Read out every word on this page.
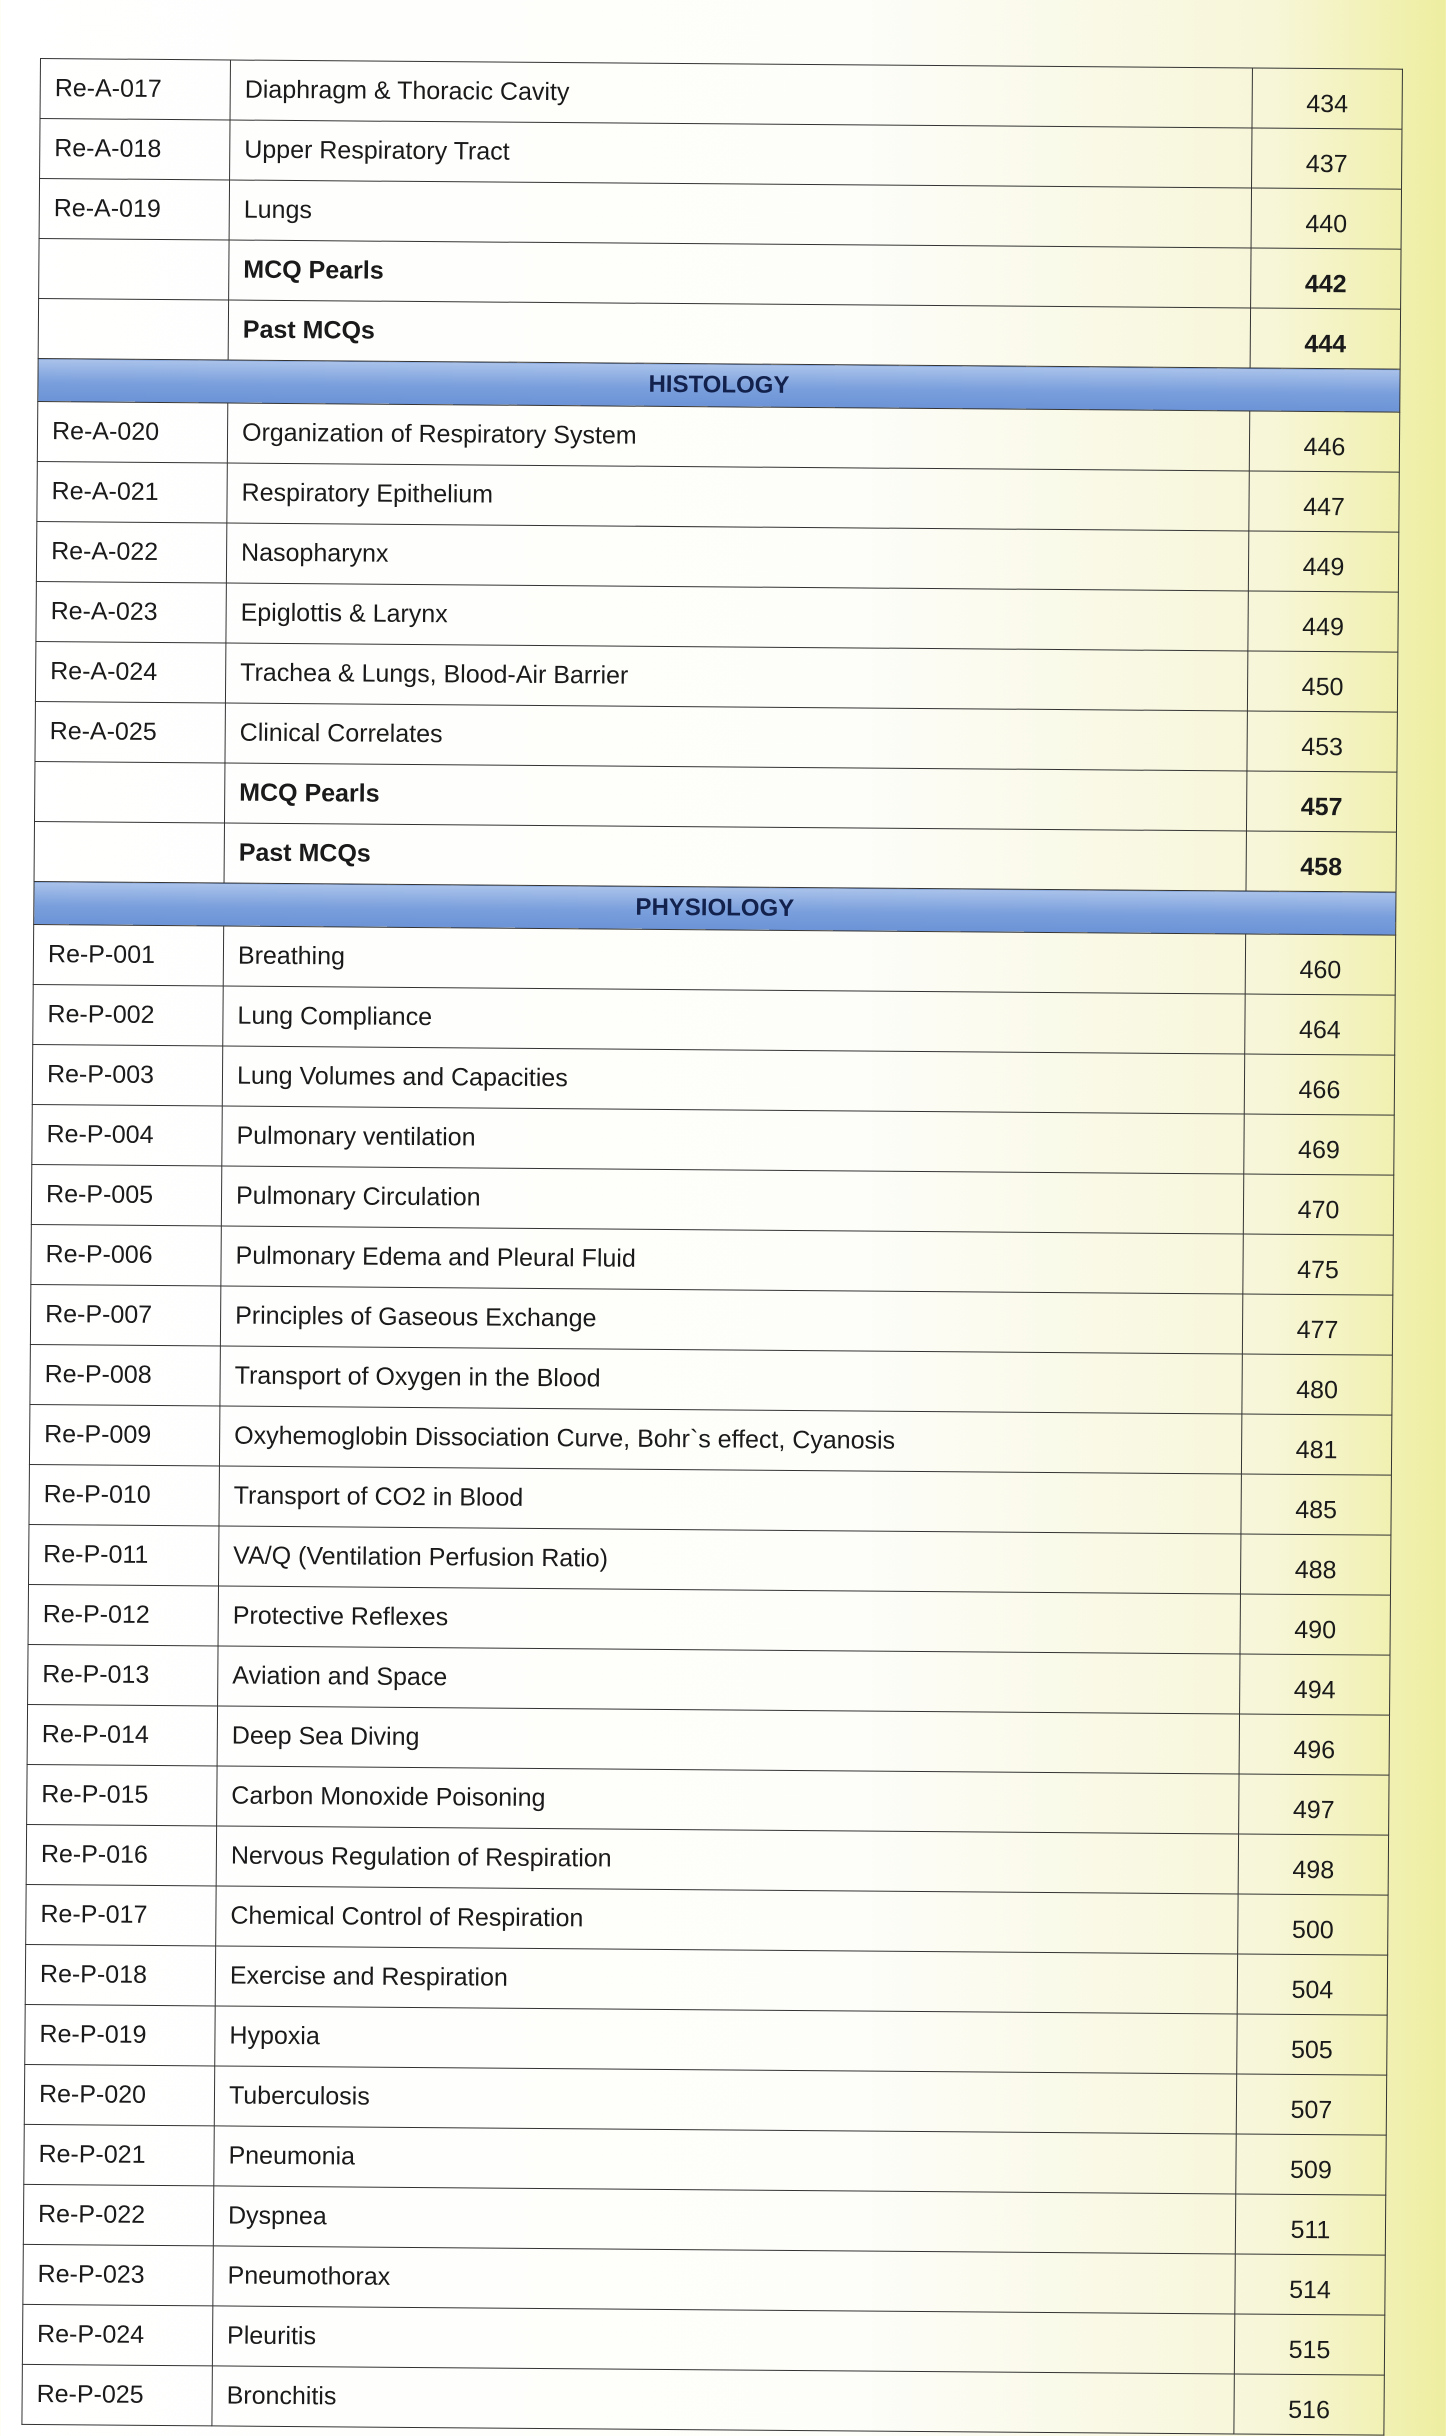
Re-A-017	Diaphragm & Thoracic Cavity	434
Re-A-018	Upper Respiratory Tract	437
Re-A-019	Lungs	440
	MCQ Pearls	442
	Past MCQs	444
HISTOLOGY		
Re-A-020	Organization of Respiratory System	446
Re-A-021	Respiratory Epithelium	447
Re-A-022	Nasopharynx	449
Re-A-023	Epiglottis & Larynx	449
Re-A-024	Trachea & Lungs, Blood-Air Barrier	450
Re-A-025	Clinical Correlates	453
	MCQ Pearls	457
	Past MCQs	458
PHYSIOLOGY		
Re-P-001	Breathing	460
Re-P-002	Lung Compliance	464
Re-P-003	Lung Volumes and Capacities	466
Re-P-004	Pulmonary ventilation	469
Re-P-005	Pulmonary Circulation	470
Re-P-006	Pulmonary Edema and Pleural Fluid	475
Re-P-007	Principles of Gaseous Exchange	477
Re-P-008	Transport of Oxygen in the Blood	480
Re-P-009	Oxyhemoglobin Dissociation Curve, Bohr`s effect, Cyanosis	481
Re-P-010	Transport of CO2 in Blood	485
Re-P-011	VA/Q (Ventilation Perfusion Ratio)	488
Re-P-012	Protective Reflexes	490
Re-P-013	Aviation and Space	494
Re-P-014	Deep Sea Diving	496
Re-P-015	Carbon Monoxide Poisoning	497
Re-P-016	Nervous Regulation of Respiration	498
Re-P-017	Chemical Control of Respiration	500
Re-P-018	Exercise and Respiration	504
Re-P-019	Hypoxia	505
Re-P-020	Tuberculosis	507
Re-P-021	Pneumonia	509
Re-P-022	Dyspnea	511
Re-P-023	Pneumothorax	514
Re-P-024	Pleuritis	515
Re-P-025	Bronchitis	516
